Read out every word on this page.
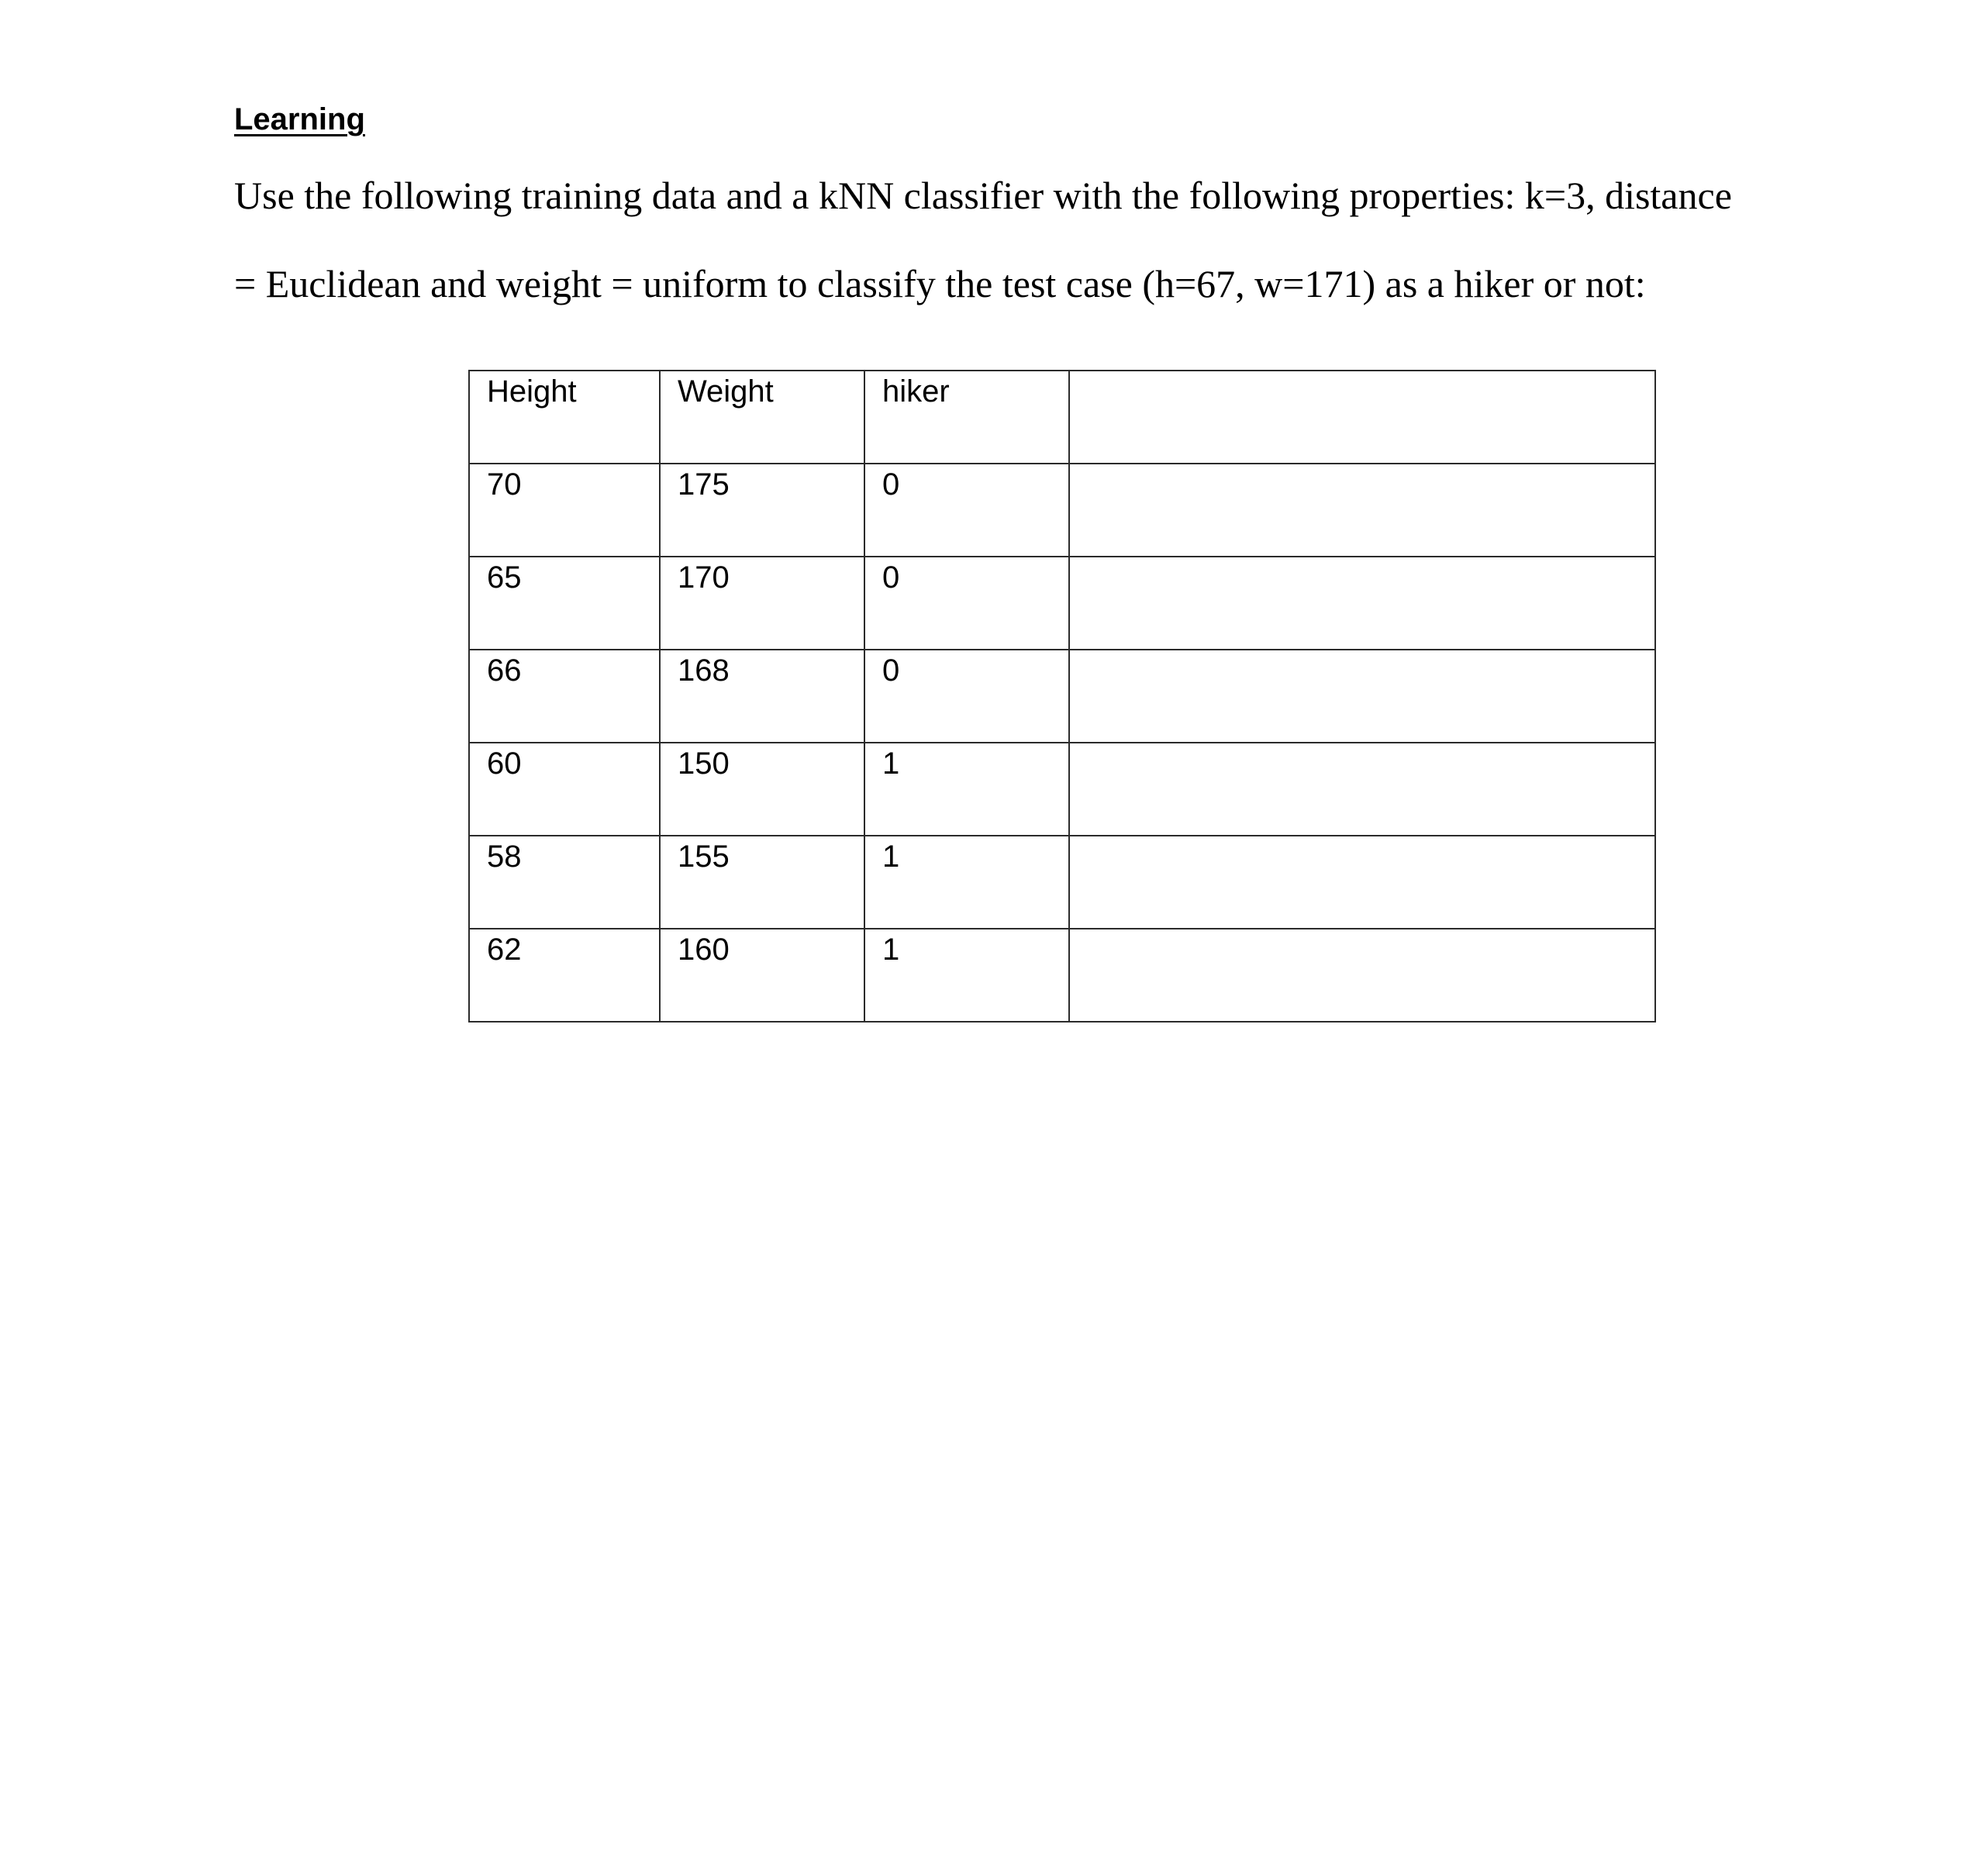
Learning
Use the following training data and a kNN classifier with the following properties: k=3, distance
= Euclidean and weight = uniform to classify the test case (h=67, w=171) as a hiker or not:
Height	Weight	hiker	
70	175	0	
65	170	0	
66	168	0	
60	150	1	
58	155	1	
62	160	1	
